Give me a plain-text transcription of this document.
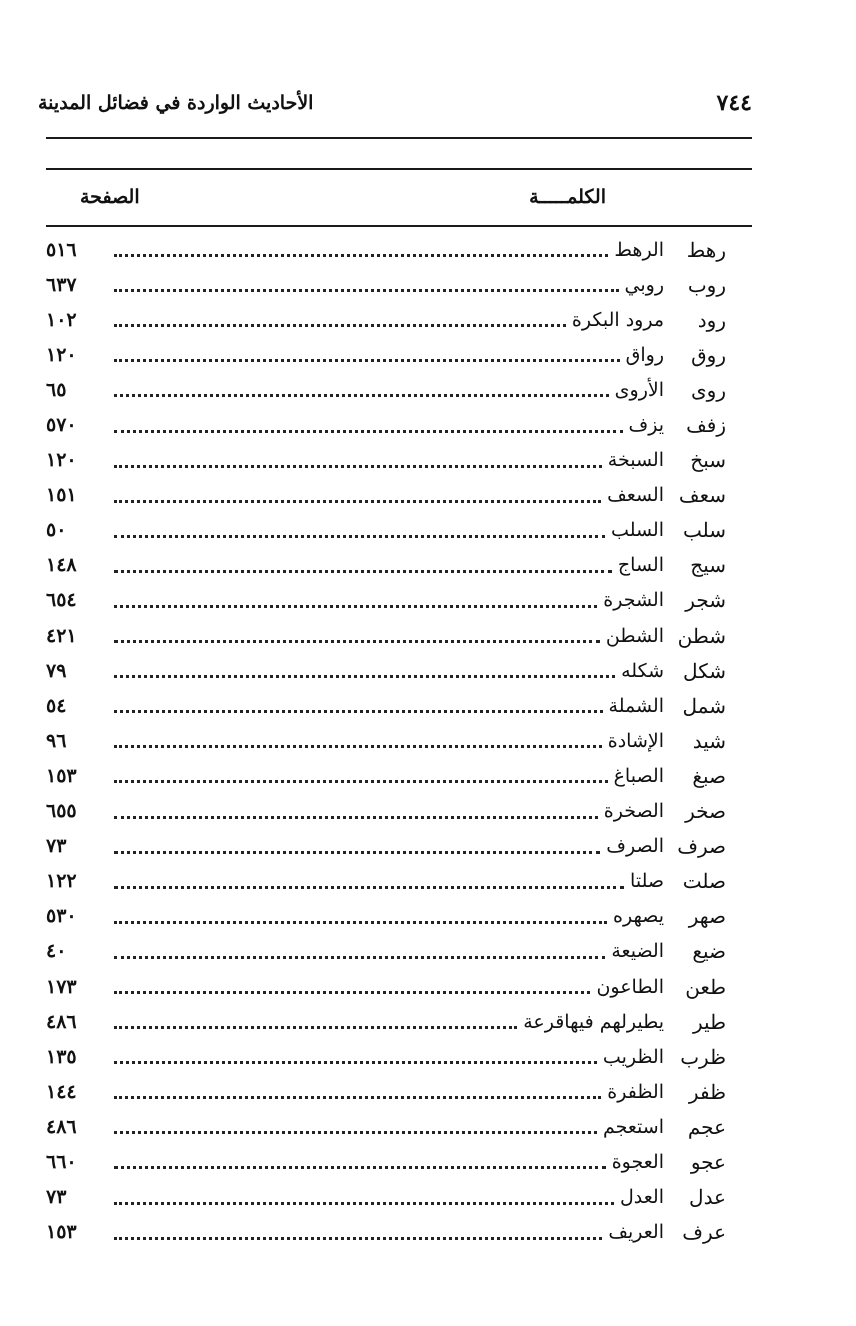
٧٤٤
الأحاديث الواردة في فضائل المدينة
الكلمـــــة
الصفحة
رهط
الرهط
٥١٦
روب
روبي
٦٣٧
رود
مرود البكرة
١٠٢
روق
رواق
١٢٠
روى
الأروى
٦٥
زفف
يزف
٥٧٠
سبخ
السبخة
١٢٠
سعف
السعف
١٥١
سلب
السلب
٥٠
سيج
الساج
١٤٨
شجر
الشجرة
٦٥٤
شطن
الشطن
٤٢١
شكل
شكله
٧٩
شمل
الشملة
٥٤
شيد
الإشادة
٩٦
صبغ
الصباغ
١٥٣
صخر
الصخرة
٦٥٥
صرف
الصرف
٧٣
صلت
صلتا
١٢٢
صهر
يصهره
٥٣٠
ضيع
الضيعة
٤٠
طعن
الطاعون
١٧٣
طير
يطيرلهم فيهاقرعة
٤٨٦
ظرب
الظريب
١٣٥
ظفر
الظفرة
١٤٤
عجم
استعجم
٤٨٦
عجو
العجوة
٦٦٠
عدل
العدل
٧٣
عرف
العريف
١٥٣
